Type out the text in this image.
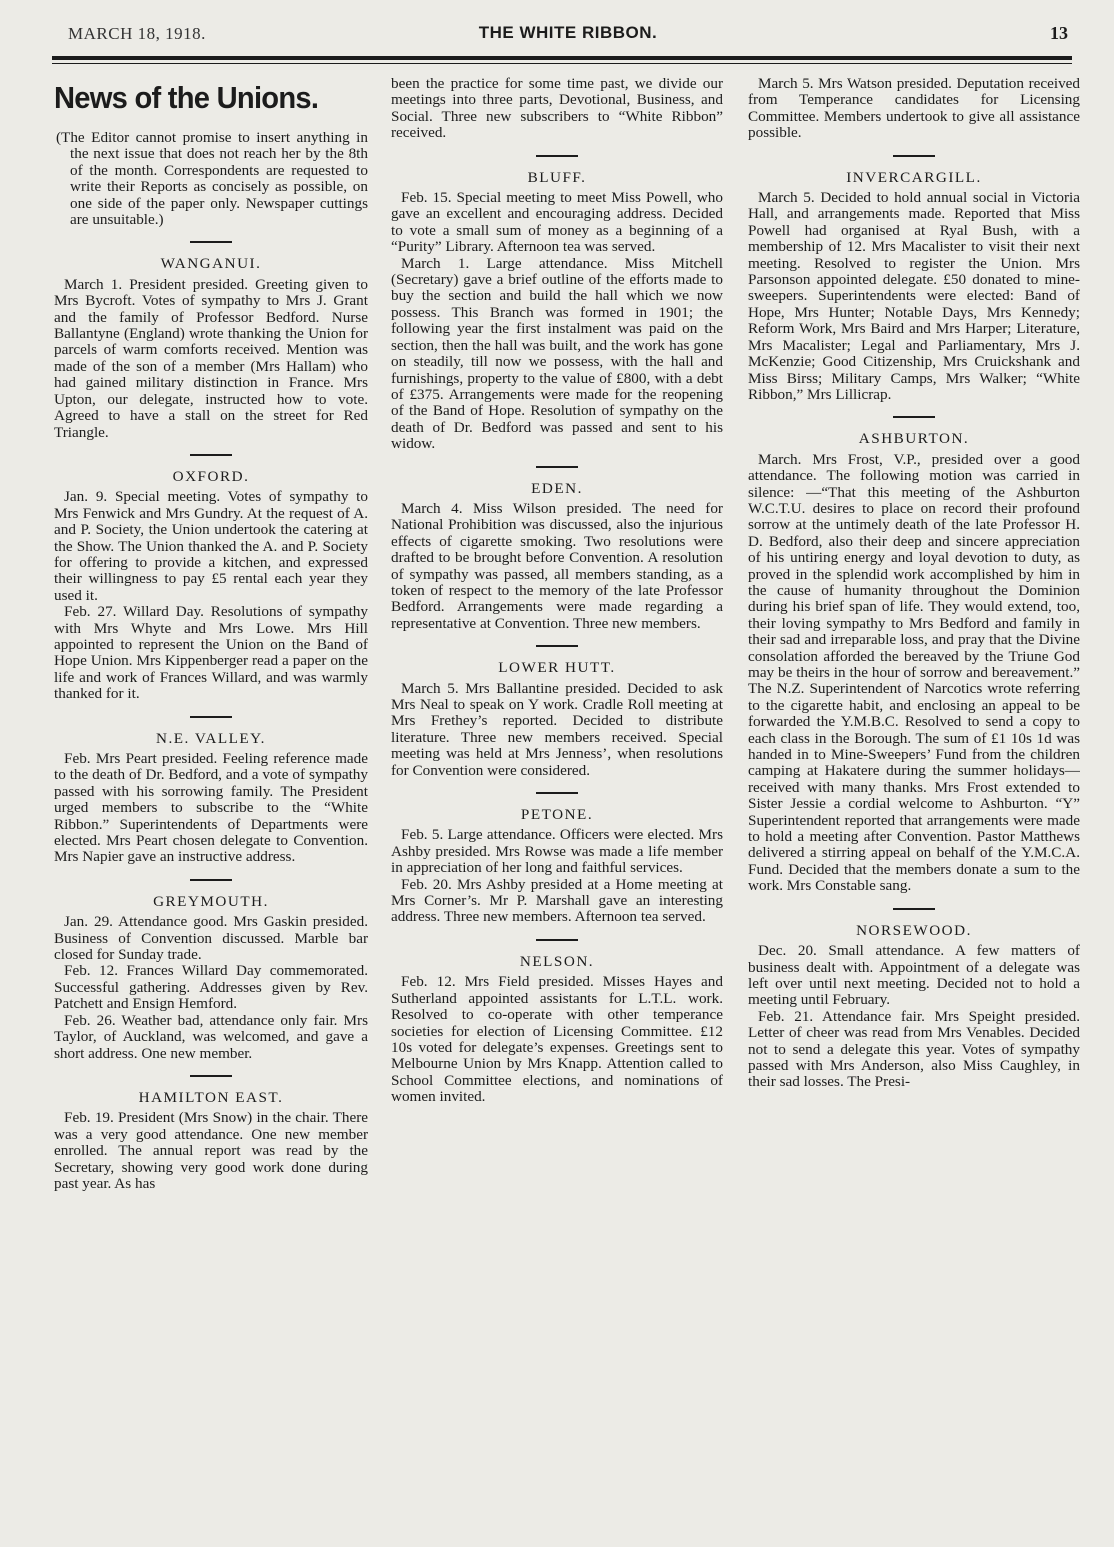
MARCH 18, 1918.	THE WHITE RIBBON.	13
News of the Unions.

(The Editor cannot promise to insert anything in the next issue that does not reach her by the 8th of the month. Correspondents are requested to write their Reports as concisely as possible, on one side of the paper only. Newspaper cuttings are unsuitable.)

WANGANUI.

March 1. President presided. Greeting given to Mrs Bycroft. Votes of sympathy to Mrs J. Grant and the family of Professor Bedford. Nurse Ballantyne (England) wrote thanking the Union for parcels of warm comforts received. Mention was made of the son of a member (Mrs Hallam) who had gained military distinction in France. Mrs Upton, our delegate, instructed how to vote. Agreed to have a stall on the street for Red Triangle.

OXFORD.

Jan. 9. Special meeting. Votes of sympathy to Mrs Fenwick and Mrs Gundry. At the request of A. and P. Society, the Union undertook the catering at the Show. The Union thanked the A. and P. Society for offering to provide a kitchen, and expressed their willingness to pay £5 rental each year they used it.

Feb. 27. Willard Day. Resolutions of sympathy with Mrs Whyte and Mrs Lowe. Mrs Hill appointed to represent the Union on the Band of Hope Union. Mrs Kippenberger read a paper on the life and work of Frances Willard, and was warmly thanked for it.

N.E. VALLEY.

Feb. Mrs Peart presided. Feeling reference made to the death of Dr. Bedford, and a vote of sympathy passed with his sorrowing family. The President urged members to subscribe to the “White Ribbon.” Superintendents of Departments were elected. Mrs Peart chosen delegate to Convention. Mrs Napier gave an instructive address.

GREYMOUTH.

Jan. 29. Attendance good. Mrs Gaskin presided. Business of Convention discussed. Marble bar closed for Sunday trade.

Feb. 12. Frances Willard Day commemorated. Successful gathering. Addresses given by Rev. Patchett and Ensign Hemford.

Feb. 26. Weather bad, attendance only fair. Mrs Taylor, of Auckland, was welcomed, and gave a short address. One new member.

HAMILTON EAST.

Feb. 19. President (Mrs Snow) in the chair. There was a very good attendance. One new member enrolled. The annual report was read by the Secretary, showing very good work done during past year. As has

been the practice for some time past, we divide our meetings into three parts, Devotional, Business, and Social. Three new subscribers to “White Ribbon” received.

BLUFF.

Feb. 15. Special meeting to meet Miss Powell, who gave an excellent and encouraging address. Decided to vote a small sum of money as a beginning of a “Purity” Library. Afternoon tea was served.

March 1. Large attendance. Miss Mitchell (Secretary) gave a brief outline of the efforts made to buy the section and build the hall which we now possess. This Branch was formed in 1901; the following year the first instalment was paid on the section, then the hall was built, and the work has gone on steadily, till now we possess, with the hall and furnishings, property to the value of £800, with a debt of £375. Arrangements were made for the reopening of the Band of Hope. Resolution of sympathy on the death of Dr. Bedford was passed and sent to his widow.

EDEN.

March 4. Miss Wilson presided. The need for National Prohibition was discussed, also the injurious effects of cigarette smoking. Two resolutions were drafted to be brought before Convention. A resolution of sympathy was passed, all members standing, as a token of respect to the memory of the late Professor Bedford. Arrangements were made regarding a representative at Convention. Three new members.

LOWER HUTT.

March 5. Mrs Ballantine presided. Decided to ask Mrs Neal to speak on Y work. Cradle Roll meeting at Mrs Frethey’s reported. Decided to distribute literature. Three new members received. Special meeting was held at Mrs Jenness’, when resolutions for Convention were considered.

PETONE.

Feb. 5. Large attendance. Officers were elected. Mrs Ashby presided. Mrs Rowse was made a life member in appreciation of her long and faithful services.

Feb. 20. Mrs Ashby presided at a Home meeting at Mrs Corner’s. Mr P. Marshall gave an interesting address. Three new members. Afternoon tea served.

NELSON.

Feb. 12. Mrs Field presided. Misses Hayes and Sutherland appointed assistants for L.T.L. work. Resolved to co-operate with other temperance societies for election of Licensing Committee. £12 10s voted for delegate’s expenses. Greetings sent to Melbourne Union by Mrs Knapp. Attention called to School Committee elections, and nominations of women invited.

March 5. Mrs Watson presided. Deputation received from Temperance candidates for Licensing Committee. Members undertook to give all assistance possible.

INVERCARGILL.

March 5. Decided to hold annual social in Victoria Hall, and arrangements made. Reported that Miss Powell had organised at Ryal Bush, with a membership of 12. Mrs Macalister to visit their next meeting. Resolved to register the Union. Mrs Parsonson appointed delegate. £50 donated to mine-sweepers. Superintendents were elected: Band of Hope, Mrs Hunter; Notable Days, Mrs Kennedy; Reform Work, Mrs Baird and Mrs Harper; Literature, Mrs Macalister; Legal and Parliamentary, Mrs J. McKenzie; Good Citizenship, Mrs Cruickshank and Miss Birss; Military Camps, Mrs Walker; “White Ribbon,” Mrs Lillicrap.

ASHBURTON.

March. Mrs Frost, V.P., presided over a good attendance. The following motion was carried in silence: —“That this meeting of the Ashburton W.C.T.U. desires to place on record their profound sorrow at the untimely death of the late Professor H. D. Bedford, also their deep and sincere appreciation of his untiring energy and loyal devotion to duty, as proved in the splendid work accomplished by him in the cause of humanity throughout the Dominion during his brief span of life. They would extend, too, their loving sympathy to Mrs Bedford and family in their sad and irreparable loss, and pray that the Divine consolation afforded the bereaved by the Triune God may be theirs in the hour of sorrow and bereavement.” The N.Z. Superintendent of Narcotics wrote referring to the cigarette habit, and enclosing an appeal to be forwarded the Y.M.B.C. Resolved to send a copy to each class in the Borough. The sum of £1 10s 1d was handed in to Mine-Sweepers’ Fund from the children camping at Hakatere during the summer holidays—received with many thanks. Mrs Frost extended to Sister Jessie a cordial welcome to Ashburton. “Y” Superintendent reported that arrangements were made to hold a meeting after Convention. Pastor Matthews delivered a stirring appeal on behalf of the Y.M.C.A. Fund. Decided that the members donate a sum to the work. Mrs Constable sang.

NORSEWOOD.

Dec. 20. Small attendance. A few matters of business dealt with. Appointment of a delegate was left over until next meeting. Decided not to hold a meeting until February.

Feb. 21. Attendance fair. Mrs Speight presided. Letter of cheer was read from Mrs Venables. Decided not to send a delegate this year. Votes of sympathy passed with Mrs Anderson, also Miss Caughley, in their sad losses. The Presi-
